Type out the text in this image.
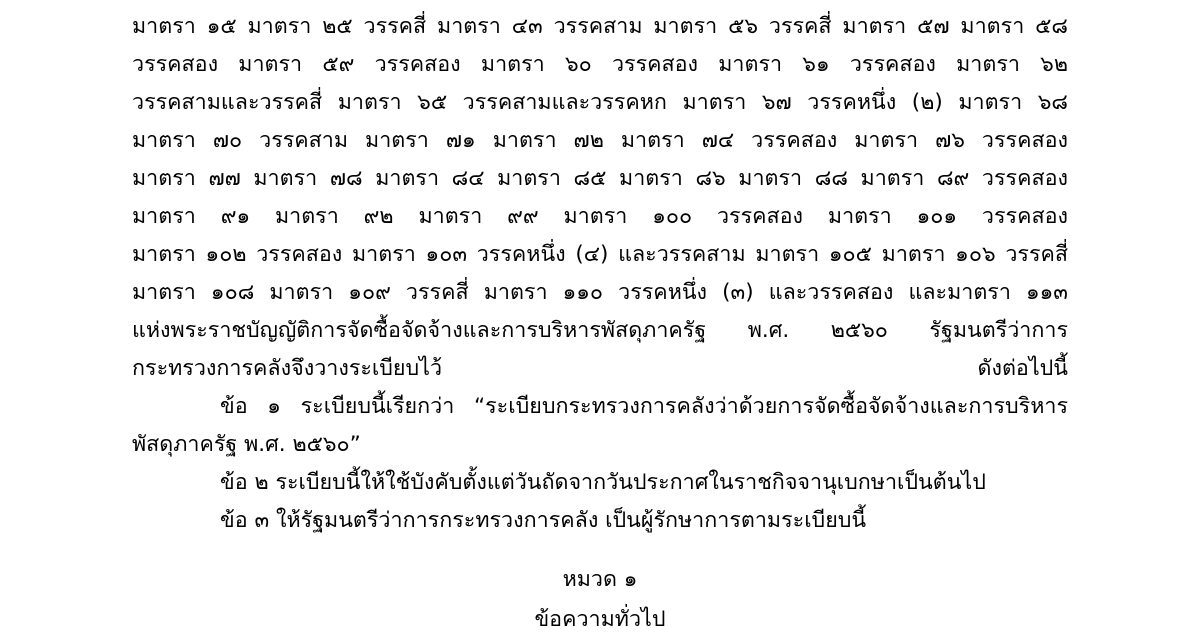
มาตรา ๑๕ มาตรา ๒๕ วรรคสี่ มาตรา ๔๓ วรรคสาม มาตรา ๕๖ วรรคสี่ มาตรา ๕๗ มาตรา ๕๘
วรรคสอง มาตรา ๕๙ วรรคสอง มาตรา ๖๐ วรรคสอง มาตรา ๖๑ วรรคสอง มาตรา ๖๒
วรรคสามและวรรคสี่ มาตรา ๖๕ วรรคสามและวรรคหก มาตรา ๖๗ วรรคหนึ่ง (๒) มาตรา ๖๘
มาตรา ๗๐ วรรคสาม มาตรา ๗๑ มาตรา ๗๒ มาตรา ๗๔ วรรคสอง มาตรา ๗๖ วรรคสอง
มาตรา ๗๗ มาตรา ๗๘ มาตรา ๘๔ มาตรา ๘๕ มาตรา ๘๖ มาตรา ๘๘ มาตรา ๘๙ วรรคสอง
มาตรา ๙๑ มาตรา ๙๒ มาตรา ๙๙ มาตรา ๑๐๐ วรรคสอง มาตรา ๑๐๑ วรรคสอง
มาตรา ๑๐๒ วรรคสอง มาตรา ๑๐๓ วรรคหนึ่ง (๔) และวรรคสาม มาตรา ๑๐๕ มาตรา ๑๐๖ วรรคสี่
มาตรา ๑๐๘ มาตรา ๑๐๙ วรรคสี่ มาตรา ๑๑๐ วรรคหนึ่ง (๓) และวรรคสอง และมาตรา ๑๑๓
แห่งพระราชบัญญัติการจัดซื้อจัดจ้างและการบริหารพัสดุภาครัฐ พ.ศ. ๒๕๖๐ รัฐมนตรีว่าการ
กระทรวงการคลังจึงวางระเบียบไว้ ดังต่อไปนี้
ข้อ ๑ ระเบียบนี้เรียกว่า “ระเบียบกระทรวงการคลังว่าด้วยการจัดซื้อจัดจ้างและการบริหาร
พัสดุภาครัฐ พ.ศ. ๒๕๖๐”
ข้อ ๒ ระเบียบนี้ให้ใช้บังคับตั้งแต่วันถัดจากวันประกาศในราชกิจจานุเบกษาเป็นต้นไป
ข้อ ๓ ให้รัฐมนตรีว่าการกระทรวงการคลัง เป็นผู้รักษาการตามระเบียบนี้
หมวด ๑
ข้อความทั่วไป
